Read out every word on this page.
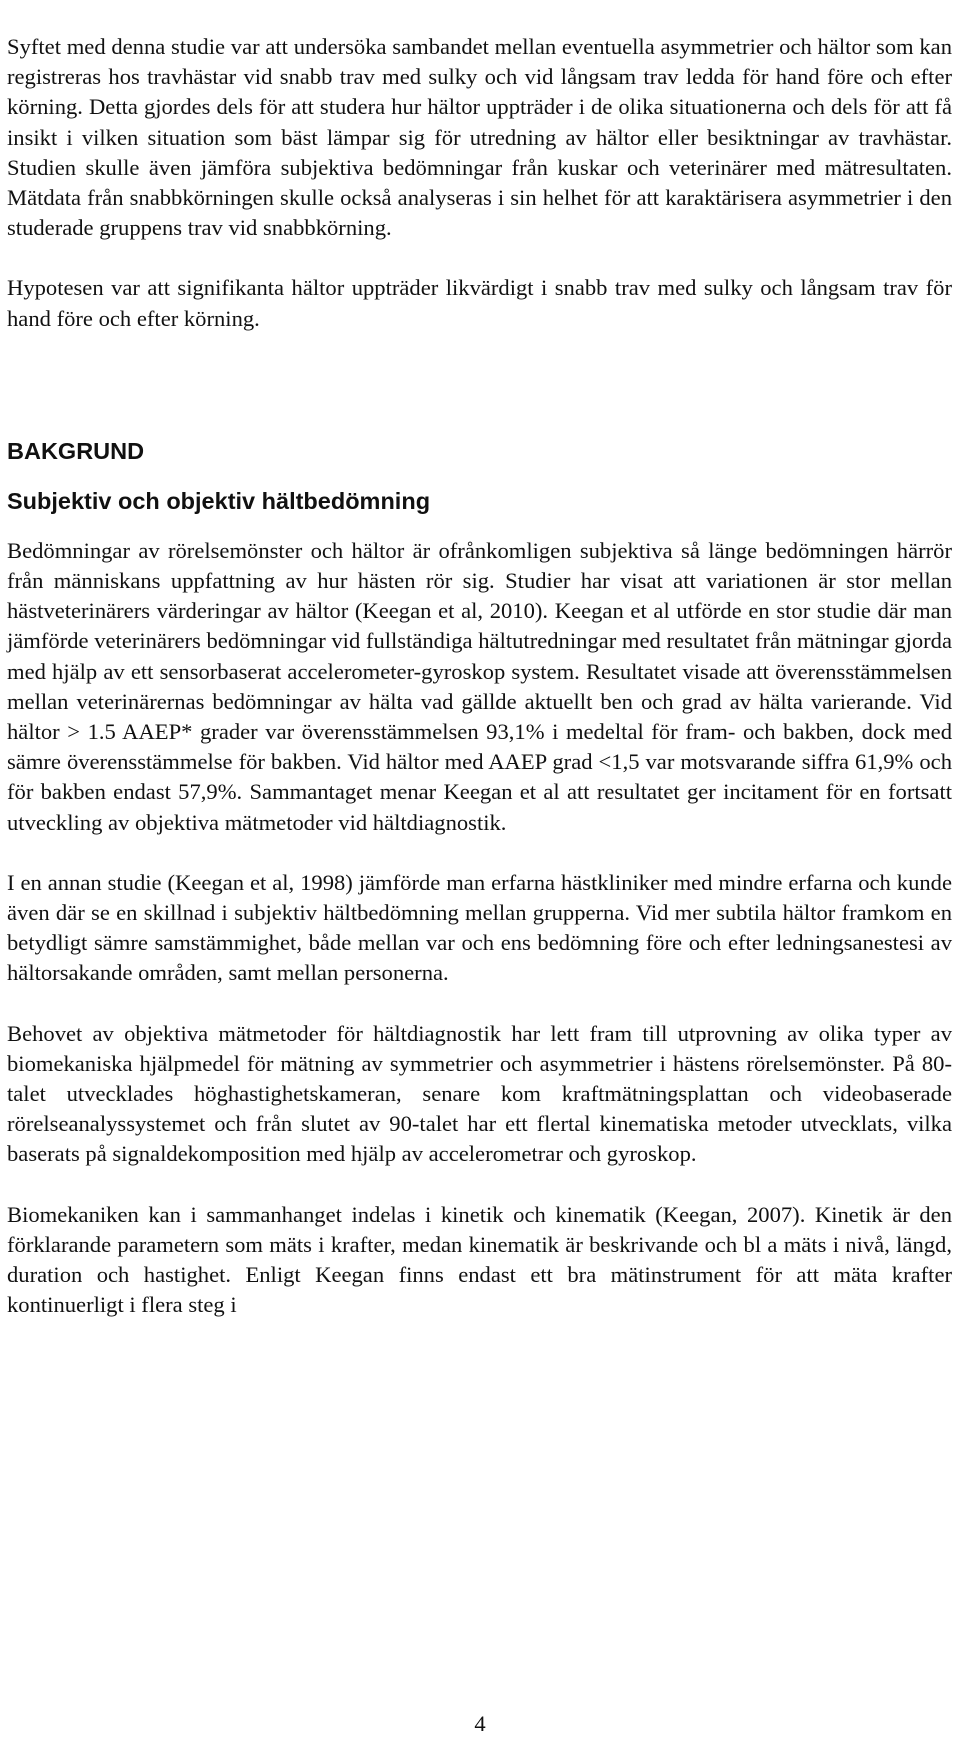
Syftet med denna studie var att undersöka sambandet mellan eventuella asymmetrier och hältor som kan registreras hos travhästar vid snabb trav med sulky och vid långsam trav ledda för hand före och efter körning. Detta gjordes dels för att studera hur hältor uppträder i de olika situationerna och dels för att få insikt i vilken situation som bäst lämpar sig för utredning av hältor eller besiktningar av travhästar. Studien skulle även jämföra subjektiva bedömningar från kuskar och veterinärer med mätresultaten. Mätdata från snabbkörningen skulle också analyseras i sin helhet för att karaktärisera asymmetrier i den studerade gruppens trav vid snabbkörning.

Hypotesen var att signifikanta hältor uppträder likvärdigt i snabb trav med sulky och långsam trav för hand före och efter körning.

BAKGRUND
Subjektiv och objektiv hältbedömning

Bedömningar av rörelsemönster och hältor är ofrånkomligen subjektiva så länge bedömningen härrör från människans uppfattning av hur hästen rör sig. Studier har visat att variationen är stor mellan hästveterinärers värderingar av hältor (Keegan et al, 2010). Keegan et al utförde en stor studie där man jämförde veterinärers bedömningar vid fullständiga hältutredningar med resultatet från mätningar gjorda med hjälp av ett sensorbaserat accelerometer-gyroskop system. Resultatet visade att överensstämmelsen mellan veterinärernas bedömningar av hälta vad gällde aktuellt ben och grad av hälta varierande. Vid hältor > 1.5 AAEP* grader var överensstämmelsen 93,1% i medeltal för fram- och bakben, dock med sämre överensstämmelse för bakben. Vid hältor med AAEP grad <1,5 var motsvarande siffra 61,9% och för bakben endast 57,9%. Sammantaget menar Keegan et al att resultatet ger incitament för en fortsatt utveckling av objektiva mätmetoder vid hältdiagnostik.

I en annan studie (Keegan et al, 1998) jämförde man erfarna hästkliniker med mindre erfarna och kunde även där se en skillnad i subjektiv hältbedömning mellan grupperna. Vid mer subtila hältor framkom en betydligt sämre samstämmighet, både mellan var och ens bedömning före och efter ledningsanestesi av hältorsakande områden, samt mellan personerna.

Behovet av objektiva mätmetoder för hältdiagnostik har lett fram till utprovning av olika typer av biomekaniska hjälpmedel för mätning av symmetrier och asymmetrier i hästens rörelsemönster. På 80-talet utvecklades höghastighetskameran, senare kom kraftmätningsplattan och videobaserade rörelseanalyssystemet och från slutet av 90-talet har ett flertal kinematiska metoder utvecklats, vilka baserats på signaldekomposition med hjälp av accelerometrar och gyroskop.

Biomekaniken kan i sammanhanget indelas i kinetik och kinematik (Keegan, 2007). Kinetik är den förklarande parametern som mäts i krafter, medan kinematik är beskrivande och bl a mäts i nivå, längd, duration och hastighet. Enligt Keegan finns endast ett bra mätinstrument för att mäta krafter kontinuerligt i flera steg i

4
